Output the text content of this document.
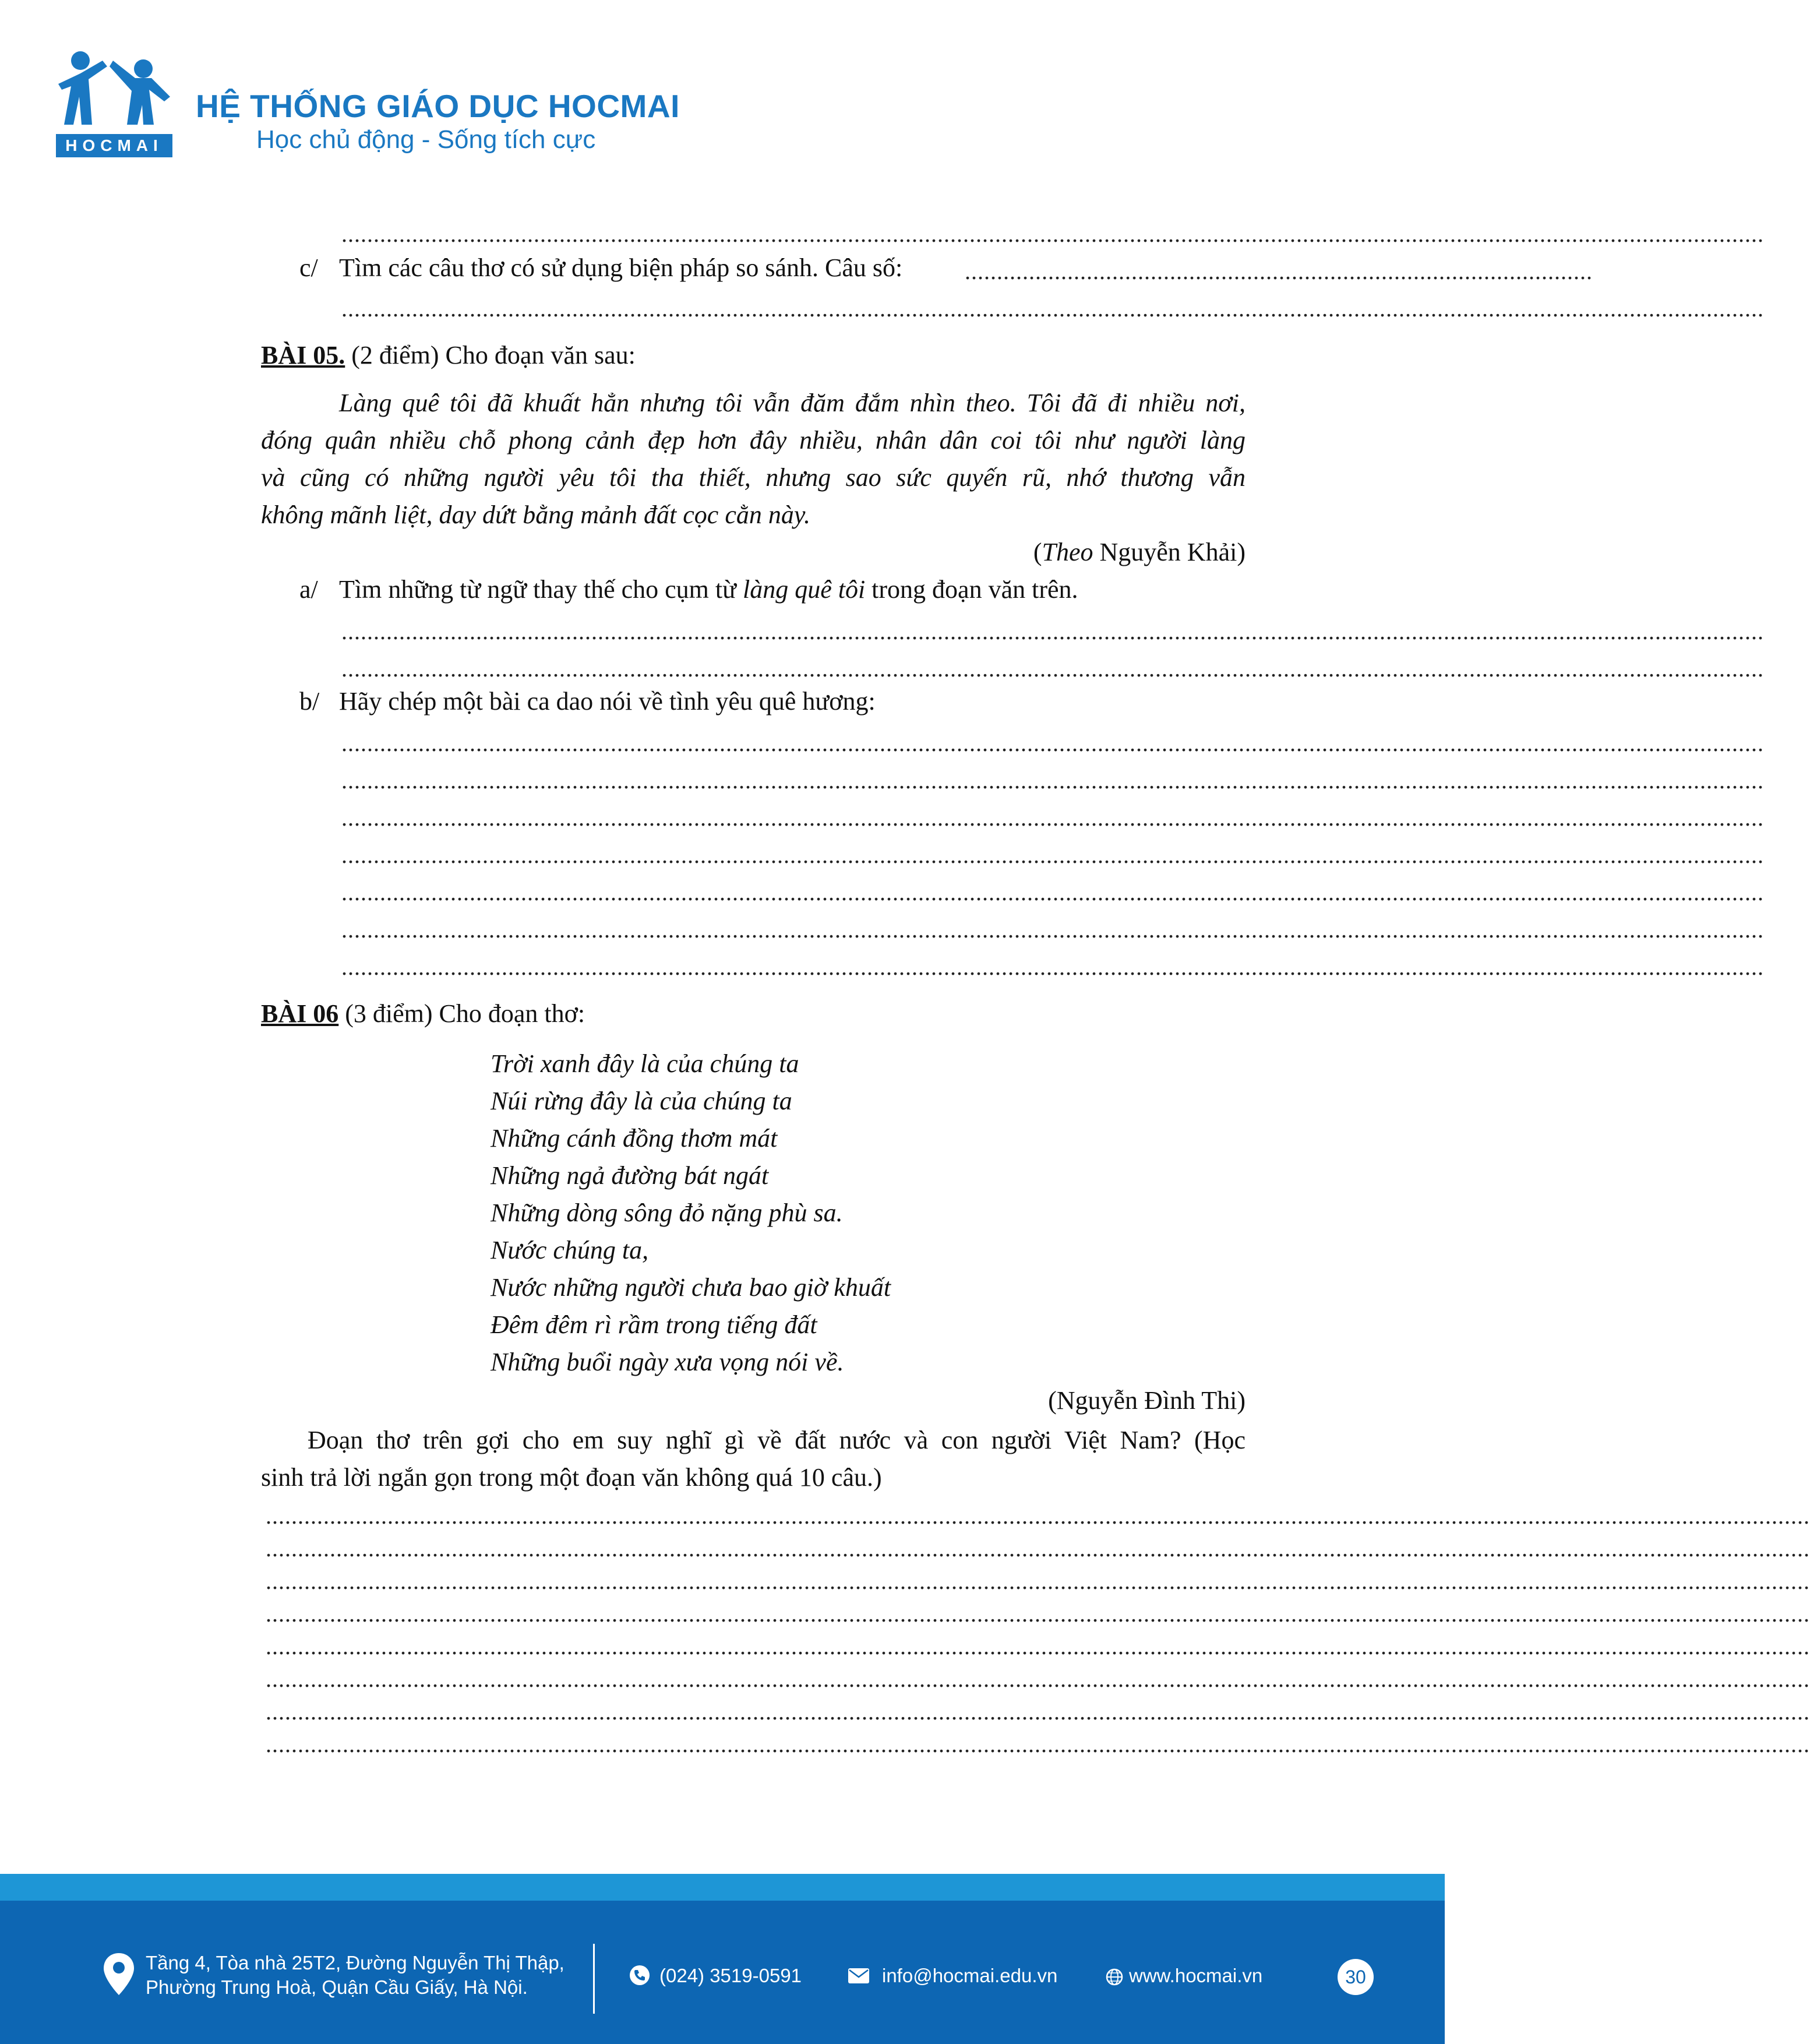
HOCMAI
HỆ THỐNG GIÁO DỤC HOCMAI
Học chủ động - Sống tích cực
..............................................................................................................................................................................................................................
c/ Tìm các câu thơ có sử dụng biện pháp so sánh. Câu số:	..................................................................................................
..............................................................................................................................................................................................................................
BÀI 05. (2 điểm) Cho đoạn văn sau:
Làng quê tôi đã khuất hẳn nhưng tôi vẫn đăm đắm nhìn theo. Tôi đã đi nhiều nơi,
đóng quân nhiều chỗ phong cảnh đẹp hơn đây nhiều, nhân dân coi tôi như người làng
và cũng có những người yêu tôi tha thiết, nhưng sao sức quyến rũ, nhớ thương vẫn
không mãnh liệt, day dứt bằng mảnh đất cọc cằn này.
(Theo Nguyễn Khải)
a/ Tìm những từ ngữ thay thế cho cụm từ làng quê tôi trong đoạn văn trên.
..............................................................................................................................................................................................................................
..............................................................................................................................................................................................................................
b/ Hãy chép một bài ca dao nói về tình yêu quê hương:
..............................................................................................................................................................................................................................
..............................................................................................................................................................................................................................
..............................................................................................................................................................................................................................
..............................................................................................................................................................................................................................
..............................................................................................................................................................................................................................
..............................................................................................................................................................................................................................
..............................................................................................................................................................................................................................
BÀI 06 (3 điểm) Cho đoạn thơ:
Trời xanh đây là của chúng ta
Núi rừng đây là của chúng ta
Những cánh đồng thơm mát
Những ngả đường bát ngát
Những dòng sông đỏ nặng phù sa.
Nước chúng ta,
Nước những người chưa bao giờ khuất
Đêm đêm rì rầm trong tiếng đất
Những buổi ngày xưa vọng nói về.
(Nguyễn Đình Thi)
Đoạn thơ trên gợi cho em suy nghĩ gì về đất nước và con người Việt Nam? (Học
sinh trả lời ngắn gọn trong một đoạn văn không quá 10 câu.)
.................................................................................................................................................................................................................................................
.................................................................................................................................................................................................................................................
.................................................................................................................................................................................................................................................
.................................................................................................................................................................................................................................................
.................................................................................................................................................................................................................................................
.................................................................................................................................................................................................................................................
.................................................................................................................................................................................................................................................
.................................................................................................................................................................................................................................................
Tầng 4, Tòa nhà 25T2, Đường Nguyễn Thị Thập,
Phường Trung Hoà, Quận Cầu Giấy, Hà Nội.
(024) 3519-0591	info@hocmai.edu.vn	www.hocmai.vn	30
